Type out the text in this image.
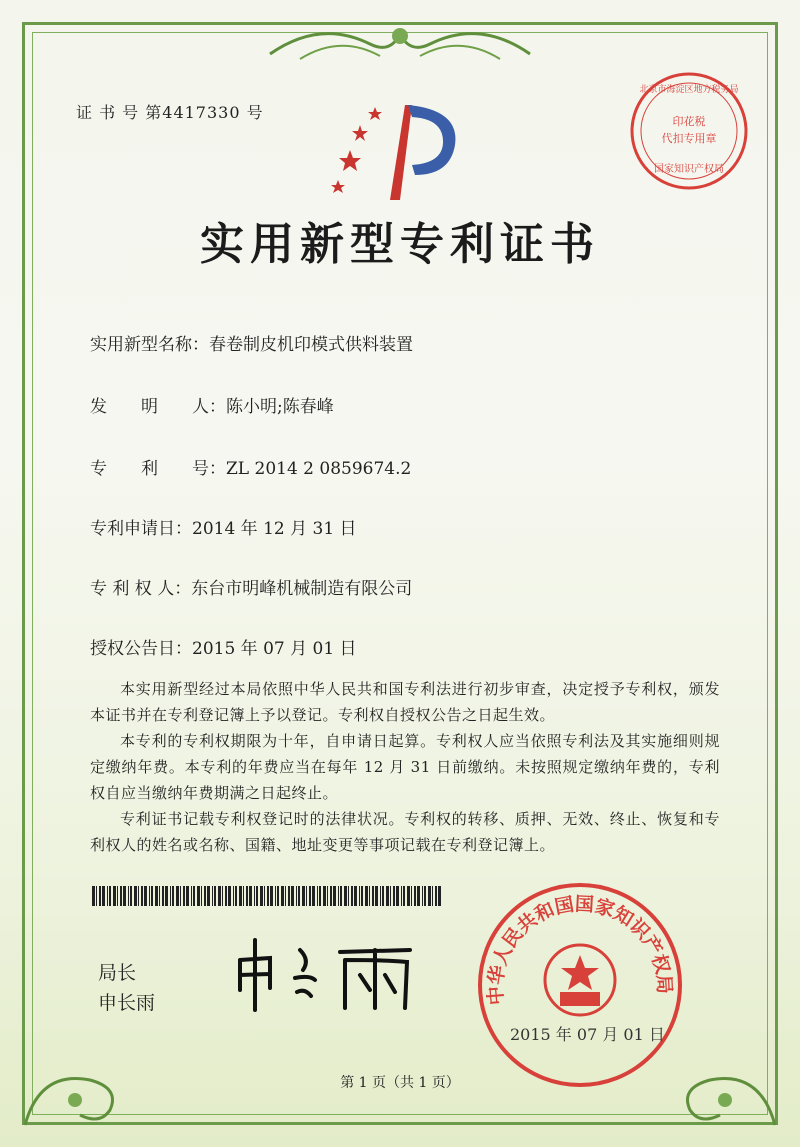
证 书 号 第4417330 号
实用新型专利证书
北京市海淀区地方税务局
印花税
代扣专用章
国家知识产权局
实用新型名称：春卷制皮机印模式供料装置
发　　明　　人：陈小明;陈春峰
专　　利　　号：ZL 2014 2 0859674.2
专利申请日：2014 年 12 月 31 日
专 利 权 人：东台市明峰机械制造有限公司
授权公告日：2015 年 07 月 01 日

本实用新型经过本局依照中华人民共和国专利法进行初步审查，决定授予专利权，颁发本证书并在专利登记簿上予以登记。专利权自授权公告之日起生效。

本专利的专利权期限为十年，自申请日起算。专利权人应当依照专利法及其实施细则规定缴纳年费。本专利的年费应当在每年 12 月 31 日前缴纳。未按照规定缴纳年费的，专利权自应当缴纳年费期满之日起终止。

专利证书记载专利权登记时的法律状况。专利权的转移、质押、无效、终止、恢复和专利权人的姓名或名称、国籍、地址变更等事项记载在专利登记簿上。

局长
申长雨	中华人民共和国国家知识产权局
2015 年 07 月 01 日
第 1 页（共 1 页）
